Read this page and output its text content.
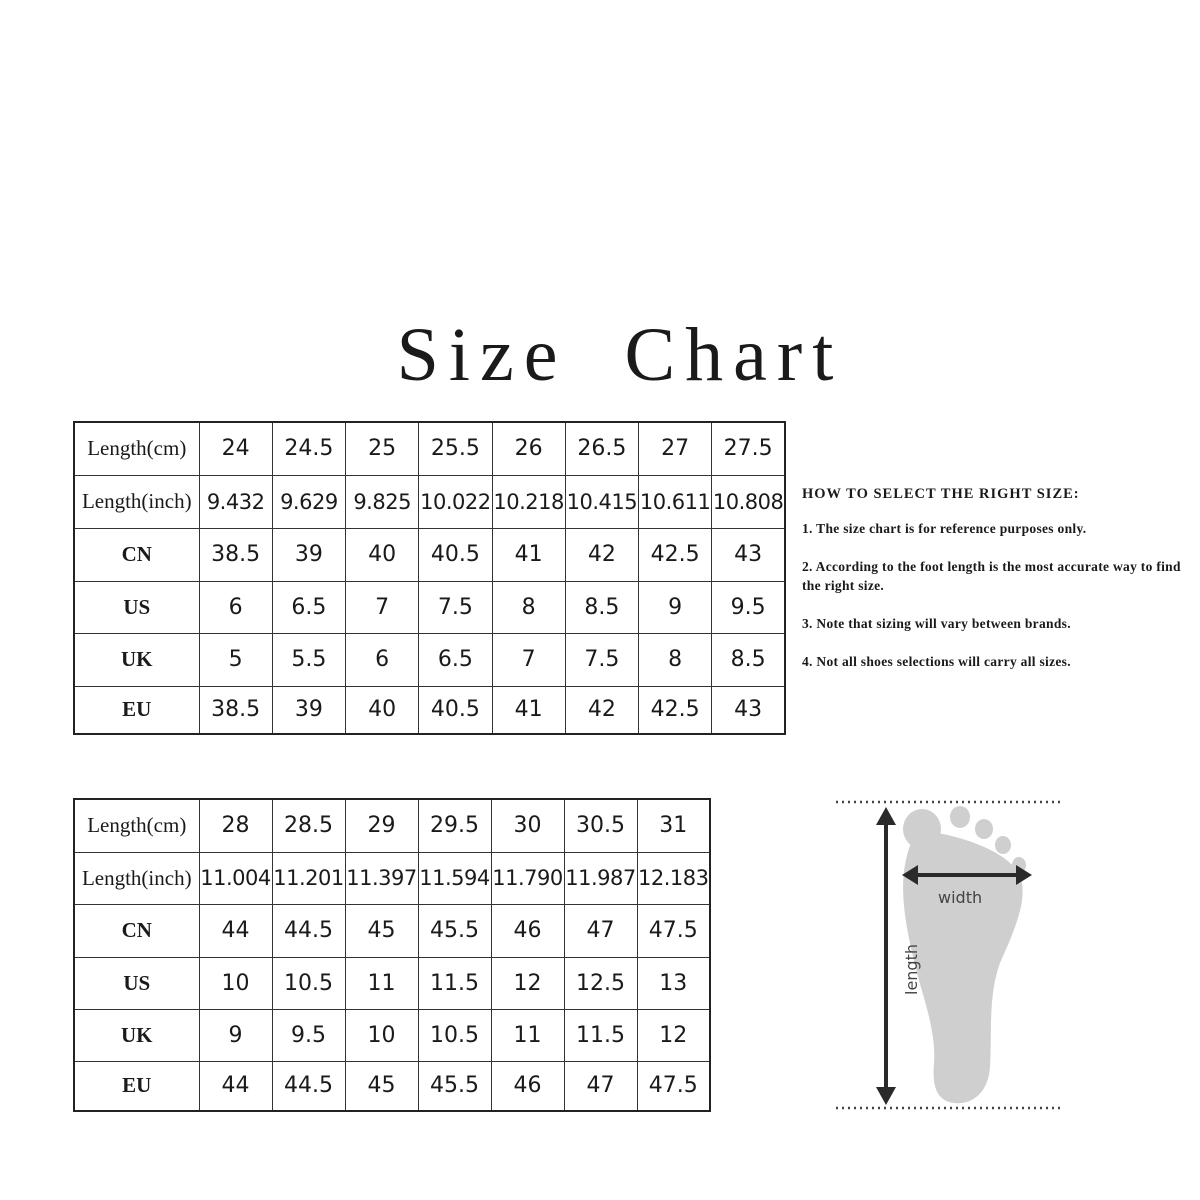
Size Chart
Length(cm)	24	24.5	25	25.5	26	26.5	27	27.5
Length(inch)	9.432	9.629	9.825	10.022	10.218	10.415	10.611	10.808
CN	38.5	39	40	40.5	41	42	42.5	43
US	6	6.5	7	7.5	8	8.5	9	9.5
UK	5	5.5	6	6.5	7	7.5	8	8.5
EU	38.5	39	40	40.5	41	42	42.5	43
Length(cm)	28	28.5	29	29.5	30	30.5	31
Length(inch)	11.004	11.201	11.397	11.594	11.790	11.987	12.183
CN	44	44.5	45	45.5	46	47	47.5
US	10	10.5	11	11.5	12	12.5	13
UK	9	9.5	10	10.5	11	11.5	12
EU	44	44.5	45	45.5	46	47	47.5
HOW TO SELECT THE RIGHT SIZE:
1. The size chart is for reference purposes only.
2. According to the foot length is the most accurate way to find the right size.
3. Note that sizing will vary between brands.
4. Not all shoes selections will carry all sizes.
width
length
